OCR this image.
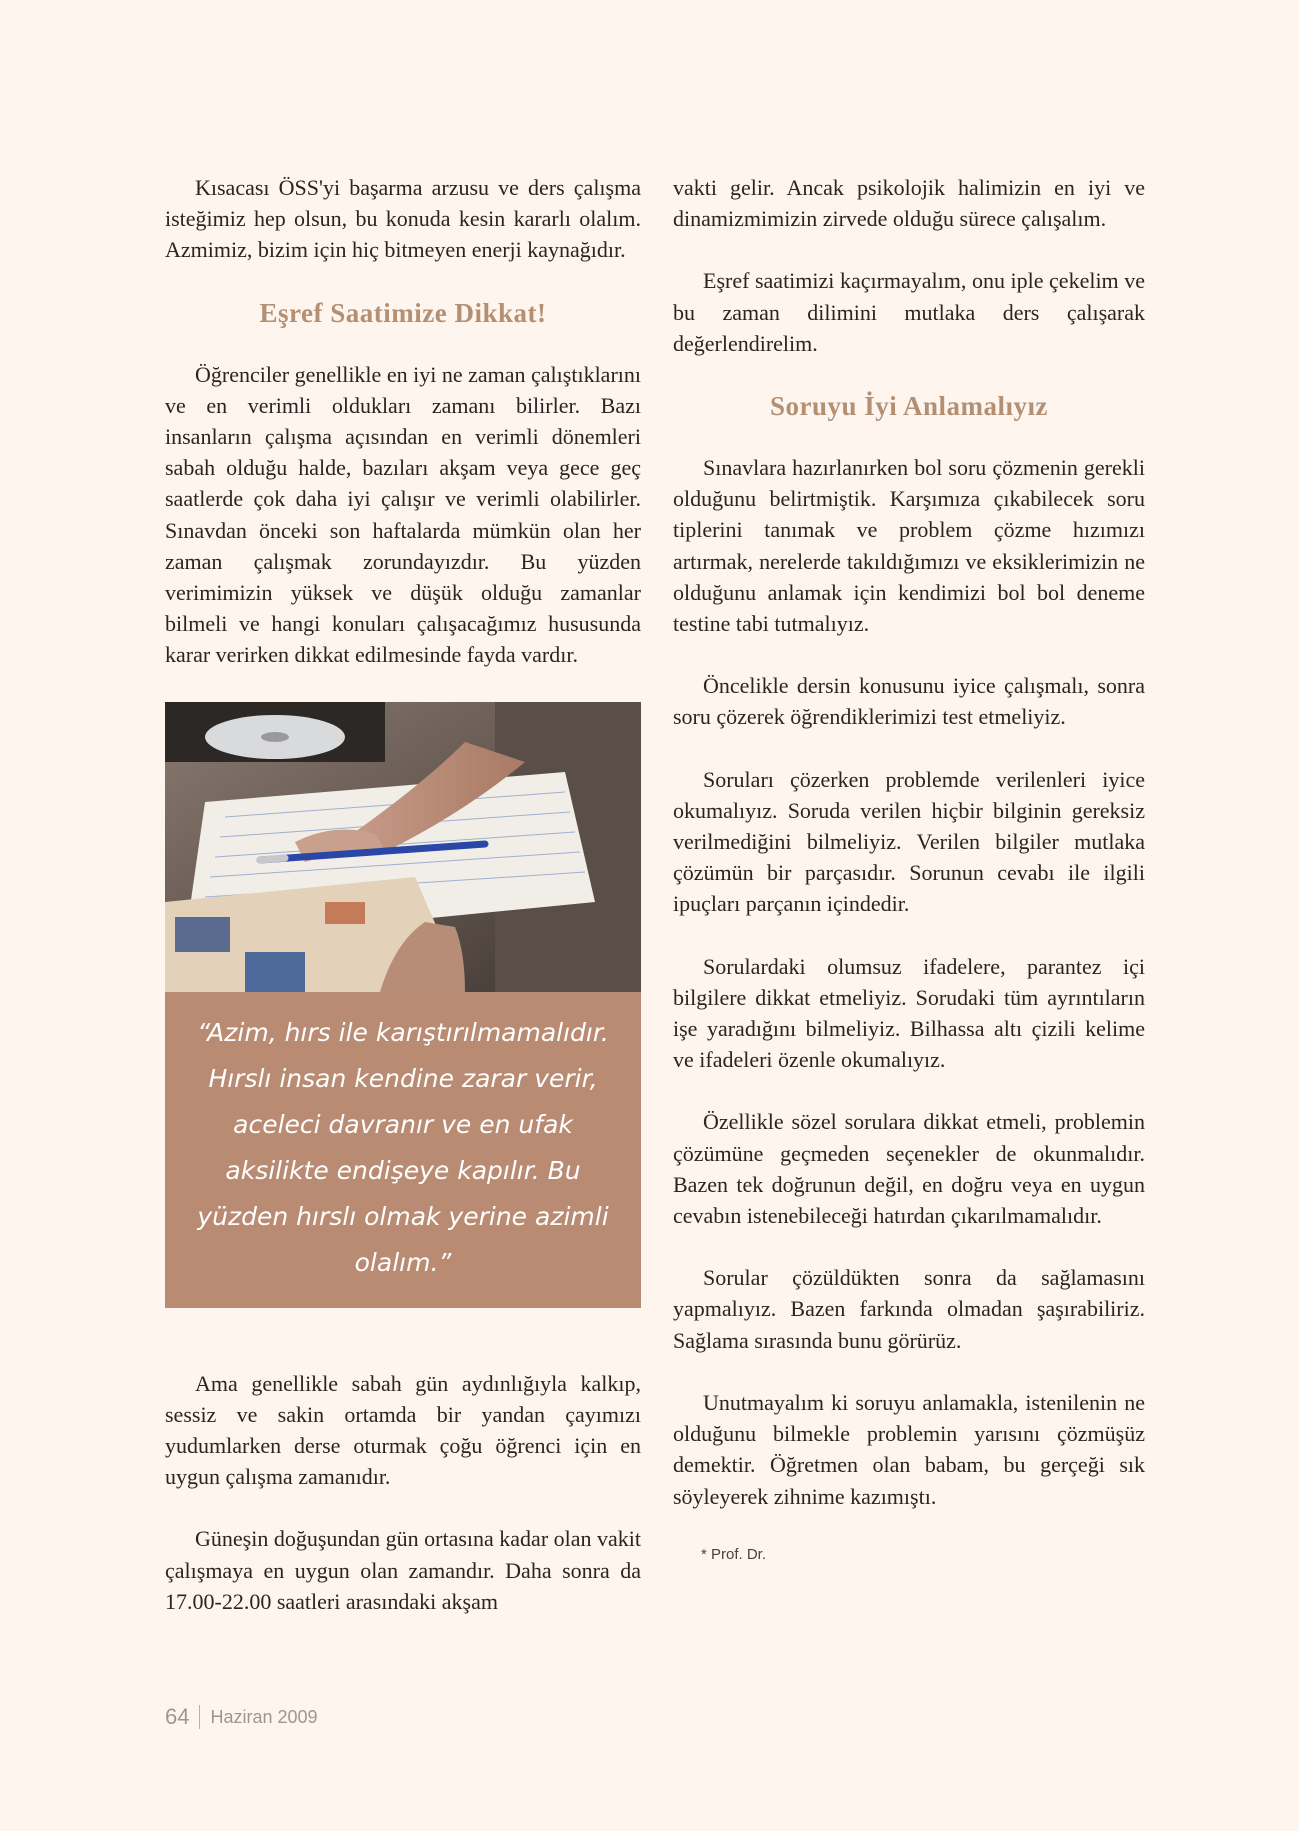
Kısacası ÖSS'yi başarma arzusu ve ders çalışma isteğimiz hep olsun, bu konuda kesin kararlı olalım. Azmimiz, bizim için hiç bitmeyen enerji kaynağıdır.

Eşref Saatimize Dikkat!

Öğrenciler genellikle en iyi ne zaman çalıştıklarını ve en verimli oldukları zamanı bilirler. Bazı insanların çalışma açısından en verimli dönemleri sabah olduğu halde, bazıları akşam veya gece geç saatlerde çok daha iyi çalışır ve verimli olabilirler. Sınavdan önceki son haftalarda mümkün olan her zaman çalışmak zorundayızdır. Bu yüzden verimimizin yüksek ve düşük olduğu zamanlar bilmeli ve hangi konuları çalışacağımız hususunda karar verirken dikkat edilmesinde fayda vardır.

“Azim, hırs ile karıştırılmamalıdır. Hırslı insan kendine zarar verir, aceleci davranır ve en ufak aksilikte endişeye kapılır. Bu yüzden hırslı olmak yerine azimli olalım.”

Ama genellikle sabah gün aydınlığıyla kalkıp, sessiz ve sakin ortamda bir yandan çayımızı yudumlarken derse oturmak çoğu öğrenci için en uygun çalışma zamanıdır.

Güneşin doğuşundan gün ortasına kadar olan vakit çalışmaya en uygun olan zamandır. Daha sonra da 17.00-22.00 saatleri arasındaki akşam

vakti gelir. Ancak psikolojik halimizin en iyi ve dinamizmimizin zirvede olduğu sürece çalışalım.

Eşref saatimizi kaçırmayalım, onu iple çekelim ve bu zaman dilimini mutlaka ders çalışarak değerlendirelim.

Soruyu İyi Anlamalıyız

Sınavlara hazırlanırken bol soru çözmenin gerekli olduğunu belirtmiştik. Karşımıza çıkabilecek soru tiplerini tanımak ve problem çözme hızımızı artırmak, nerelerde takıldığımızı ve eksiklerimizin ne olduğunu anlamak için kendimizi bol bol deneme testine tabi tutmalıyız.

Öncelikle dersin konusunu iyice çalışmalı, sonra soru çözerek öğrendiklerimizi test etmeliyiz.

Soruları çözerken problemde verilenleri iyice okumalıyız. Soruda verilen hiçbir bilginin gereksiz verilmediğini bilmeliyiz. Verilen bilgiler mutlaka çözümün bir parçasıdır. Sorunun cevabı ile ilgili ipuçları parçanın içindedir.

Sorulardaki olumsuz ifadelere, parantez içi bilgilere dikkat etmeliyiz. Sorudaki tüm ayrıntıların işe yaradığını bilmeliyiz. Bilhassa altı çizili kelime ve ifadeleri özenle okumalıyız.

Özellikle sözel sorulara dikkat etmeli, problemin çözümüne geçmeden seçenekler de okunmalıdır. Bazen tek doğrunun değil, en doğru veya en uygun cevabın istenebileceği hatırdan çıkarılmamalıdır.

Sorular çözüldükten sonra da sağlamasını yapmalıyız. Bazen farkında olmadan şaşırabiliriz. Sağlama sırasında bunu görürüz.

Unutmayalım ki soruyu anlamakla, istenilenin ne olduğunu bilmekle problemin yarısını çözmüşüz demektir. Öğretmen olan babam, bu gerçeği sık söyleyerek zihnime kazımıştı.

* Prof. Dr.
64 Haziran 2009
